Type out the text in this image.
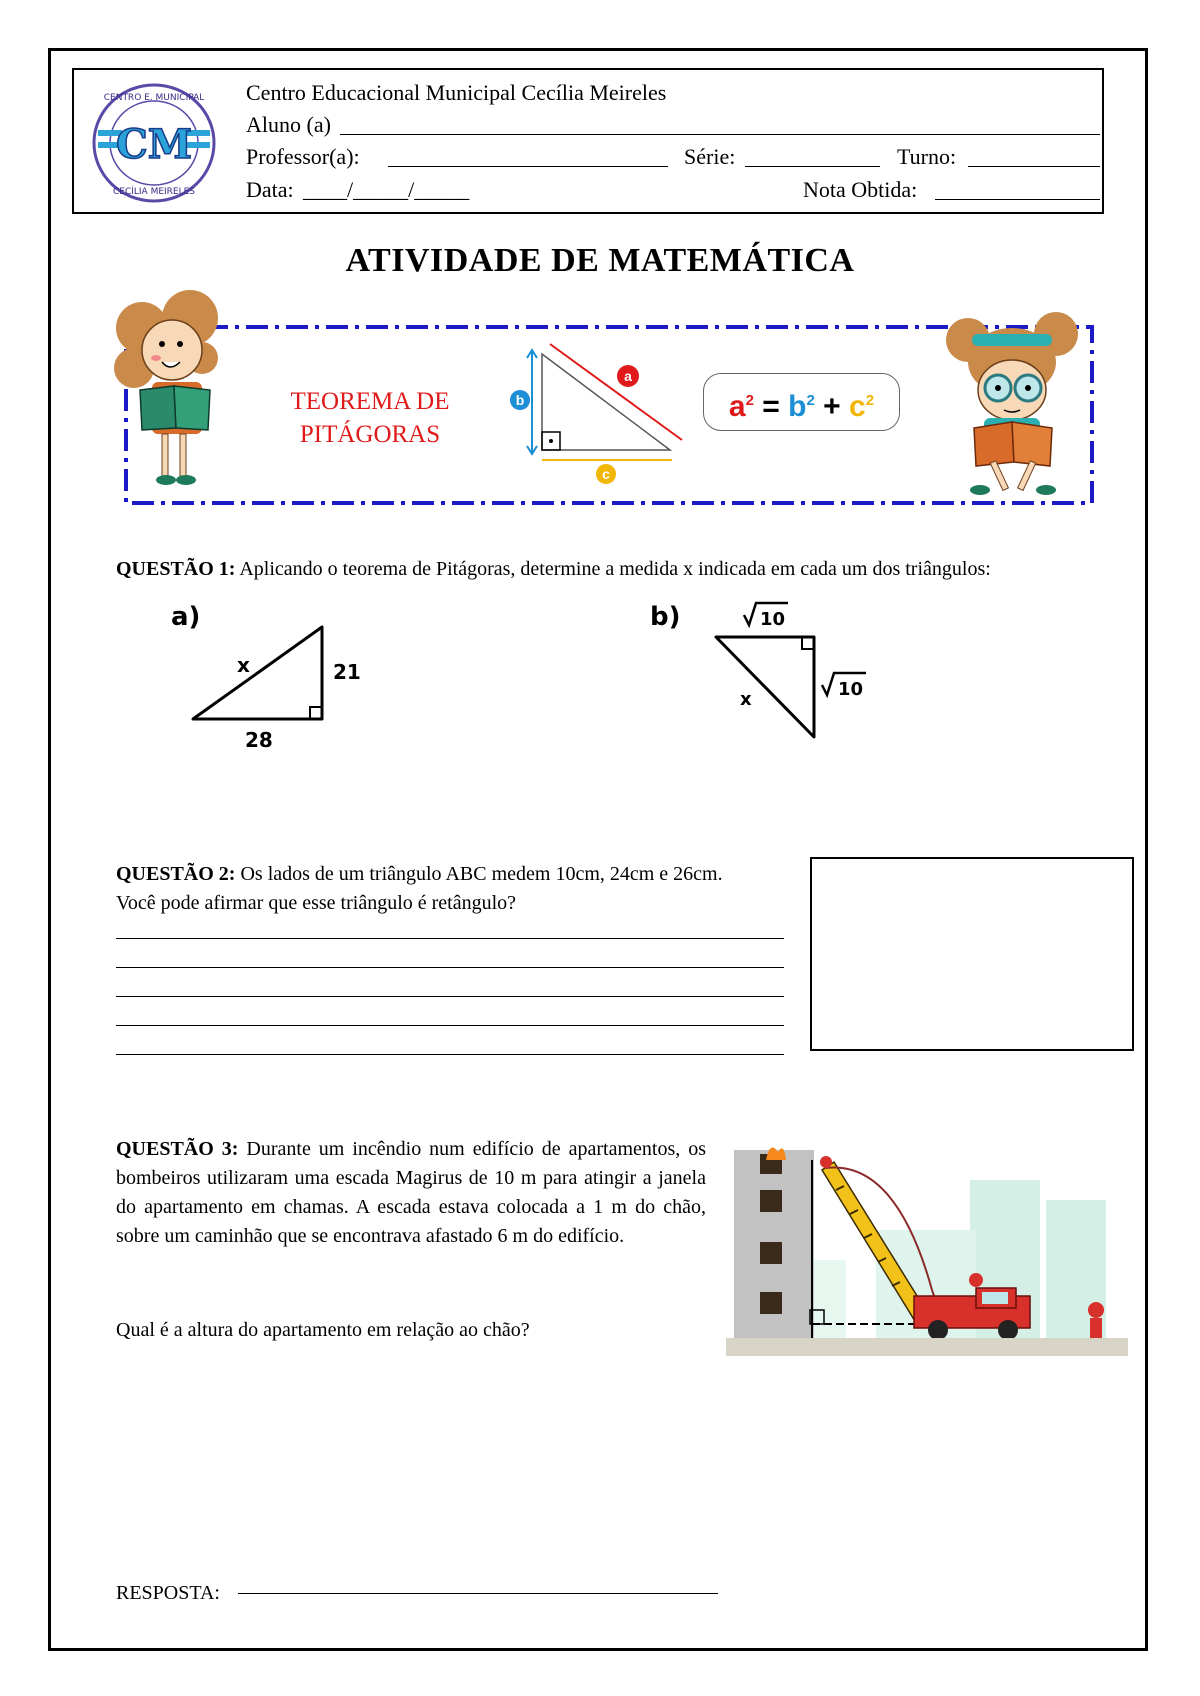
CM
CENTRO E. MUNICIPAL
CECÍLIA MEIRELES
Centro Educacional Municipal Cecília Meireles
Aluno (a)
Professor(a):	Série:	Turno:
Data: ____/_____/_____	Nota Obtida:
ATIVIDADE DE MATEMÁTICA
TEOREMA DE
PITÁGORAS
a
b
c
$a^2 = b^2 + c^2$
QUESTÃO 1: Aplicando o teorema de Pitágoras, determine a medida x indicada em cada um dos triângulos:
a)
x	21
28
b)	10
10
x
QUESTÃO 2: Os lados de um triângulo ABC medem 10cm, 24cm e 26cm.
Você pode afirmar que esse triângulo é retângulo?
QUESTÃO 3: Durante um incêndio num edifício de apartamentos, os bombeiros utilizaram uma escada Magirus de 10 m para atingir a janela do apartamento em chamas. A escada estava colocada a 1 m do chão, sobre um caminhão que se encontrava afastado 6 m do edifício.
Qual é a altura do apartamento em relação ao chão?
RESPOSTA:
